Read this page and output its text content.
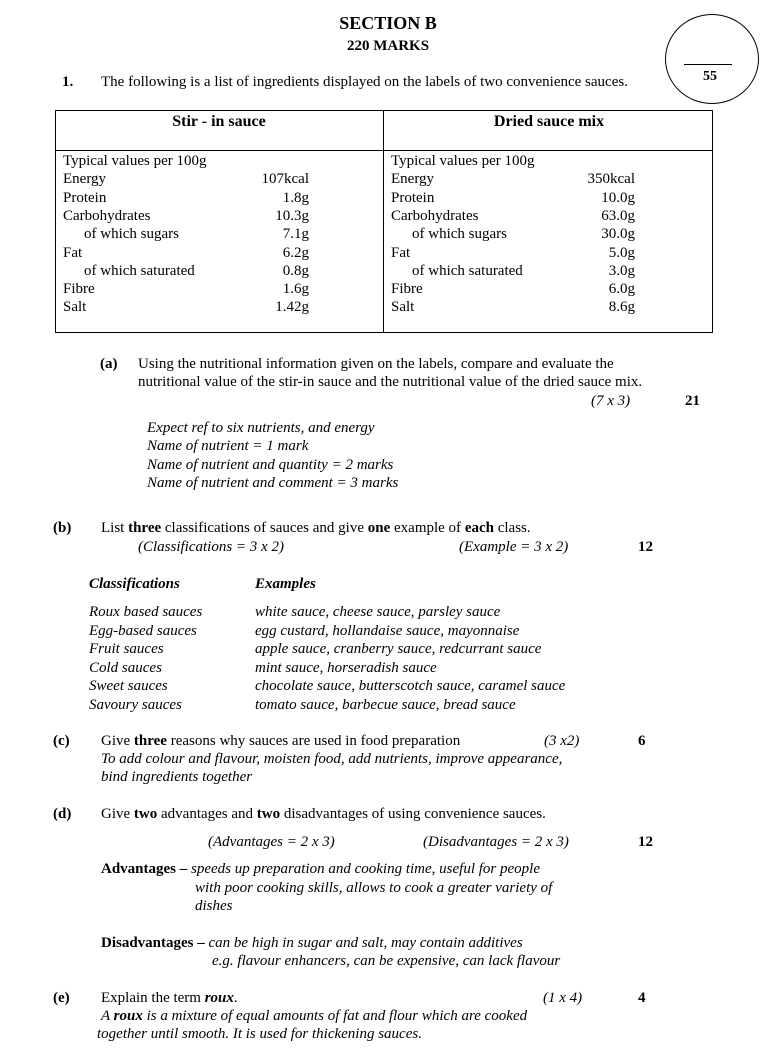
SECTION B
220 MARKS
55
1. The following is a list of ingredients displayed on the labels of two convenience sauces.
Stir - in sauce	Dried sauce mix
Typical values per 100g
Energy	107kcal
Protein	1.8g
Carbohydrates	10.3g
of which sugars	7.1g
Fat	6.2g
of which saturated	0.8g
Fibre	1.6g
Salt	1.42g
Typical values per 100g
Energy	350kcal
Protein	10.0g
Carbohydrates	63.0g
of which sugars	30.0g
Fat	5.0g
of which saturated	3.0g
Fibre	6.0g
Salt	8.6g
(a) Using the nutritional information given on the labels, compare and evaluate the
nutritional value of the stir-in sauce and the nutritional value of the dried sauce mix.
(7 x 3)	21
Expect ref to six nutrients, and energy
Name of nutrient = 1 mark
Name of nutrient and quantity = 2 marks
Name of nutrient and comment = 3 marks
(b) List three classifications of sauces and give one example of each class.
(Classifications = 3 x 2)	(Example = 3 x 2)	12
Classifications	Examples
Roux based sauces	white sauce, cheese sauce, parsley sauce
Egg-based sauces	egg custard, hollandaise sauce, mayonnaise
Fruit sauces	apple sauce, cranberry sauce, redcurrant sauce
Cold sauces	mint sauce, horseradish sauce
Sweet sauces	chocolate sauce, butterscotch sauce, caramel sauce
Savoury sauces	tomato sauce, barbecue sauce, bread sauce
(c) Give three reasons why sauces are used in food preparation	(3 x2)	6
To add colour and flavour, moisten food, add nutrients, improve appearance,
bind ingredients together
(d) Give two advantages and two disadvantages of using convenience sauces.
(Advantages = 2 x 3)	(Disadvantages = 2 x 3)	12
Advantages – speeds up preparation and cooking time, useful for people
with poor cooking skills, allows to cook a greater variety of
dishes
Disadvantages – can be high in sugar and salt, may contain additives
e.g. flavour enhancers, can be expensive, can lack flavour
(e) Explain the term roux.	(1 x 4)	4
A roux is a mixture of equal amounts of fat and flour which are cooked
together until smooth. It is used for thickening sauces.
